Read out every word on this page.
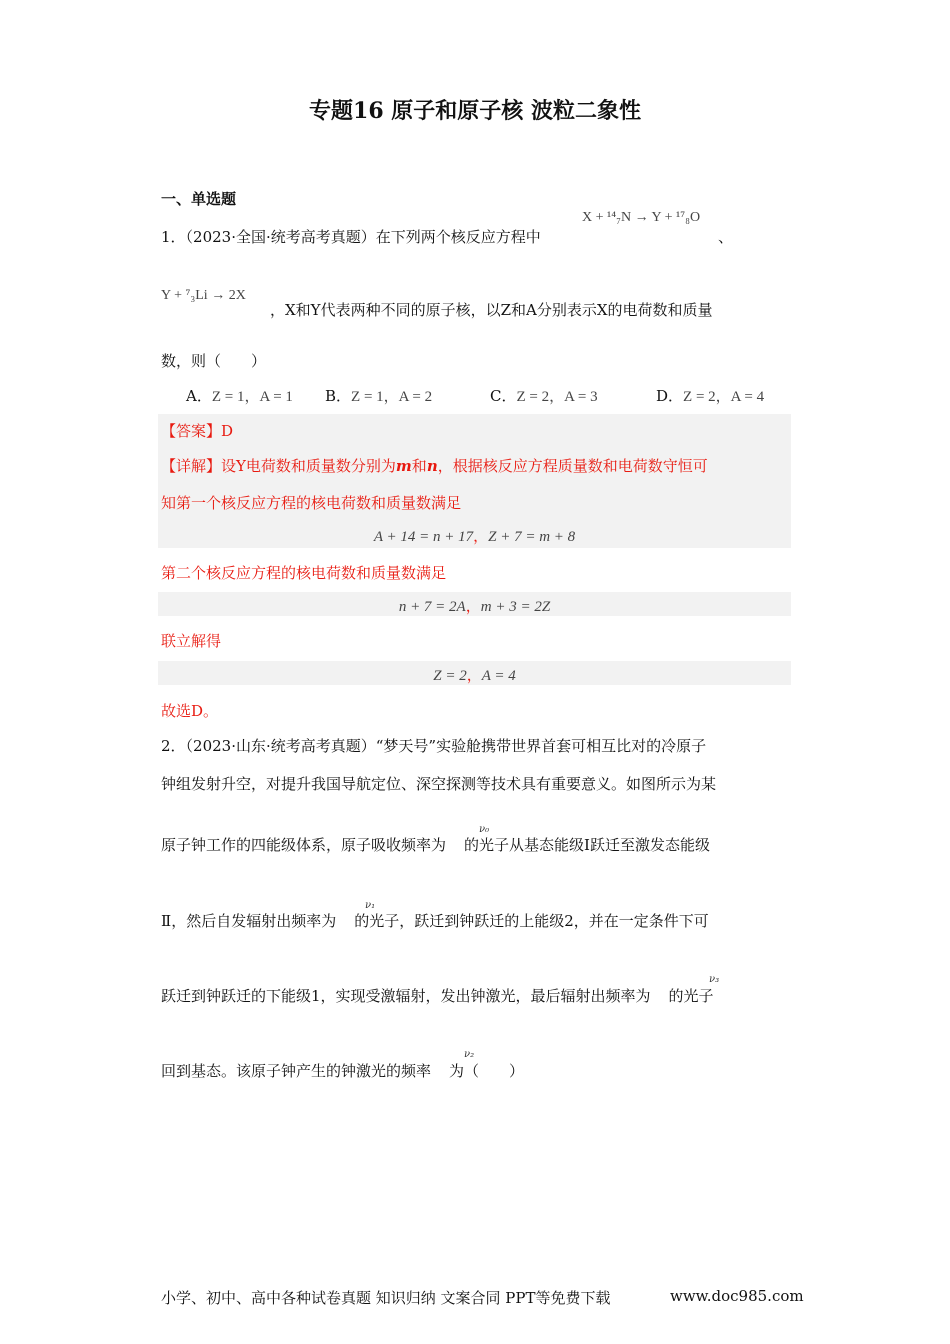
专题16 原子和原子核 波粒二象性
一、单选题
1．（2023·全国·统考高考真题）在下列两个核反应方程中
X + ¹⁴₇N → Y + ¹⁷₈O
、
Y + ⁷₃Li → 2X
，X和Y代表两种不同的原子核，以Z和A分别表示X的电荷数和质量
数，则（　　）
A．Z = 1，A = 1 B．Z = 1，A = 2	C．Z = 2，A = 3	D．Z = 2，A = 4
【答案】D
【详解】设Y电荷数和质量数分别为m和n，根据核反应方程质量数和电荷数守恒可
知第一个核反应方程的核电荷数和质量数满足
A + 14 = n + 17，Z + 7 = m + 8
第二个核反应方程的核电荷数和质量数满足
n + 7 = 2A，m + 3 = 2Z
联立解得
Z = 2，A = 4
故选D。
2．（2023·山东·统考高考真题）“梦天号”实验舱携带世界首套可相互比对的冷原子
钟组发射升空，对提升我国导航定位、深空探测等技术具有重要意义。如图所示为某
原子钟工作的四能级体系，原子吸收频率为 的光子从基态能级I跃迁至激发态能级
ν₀
Ⅱ，然后自发辐射出频率为 的光子，跃迁到钟跃迁的上能级2，并在一定条件下可
ν₁
跃迁到钟跃迁的下能级1，实现受激辐射，发出钟激光，最后辐射出频率为 的光子
ν₃
回到基态。该原子钟产生的钟激光的频率 为（　　）
ν₂
小学、初中、高中各种试卷真题 知识归纳 文案合同 PPT等免费下载	www.doc985.com
